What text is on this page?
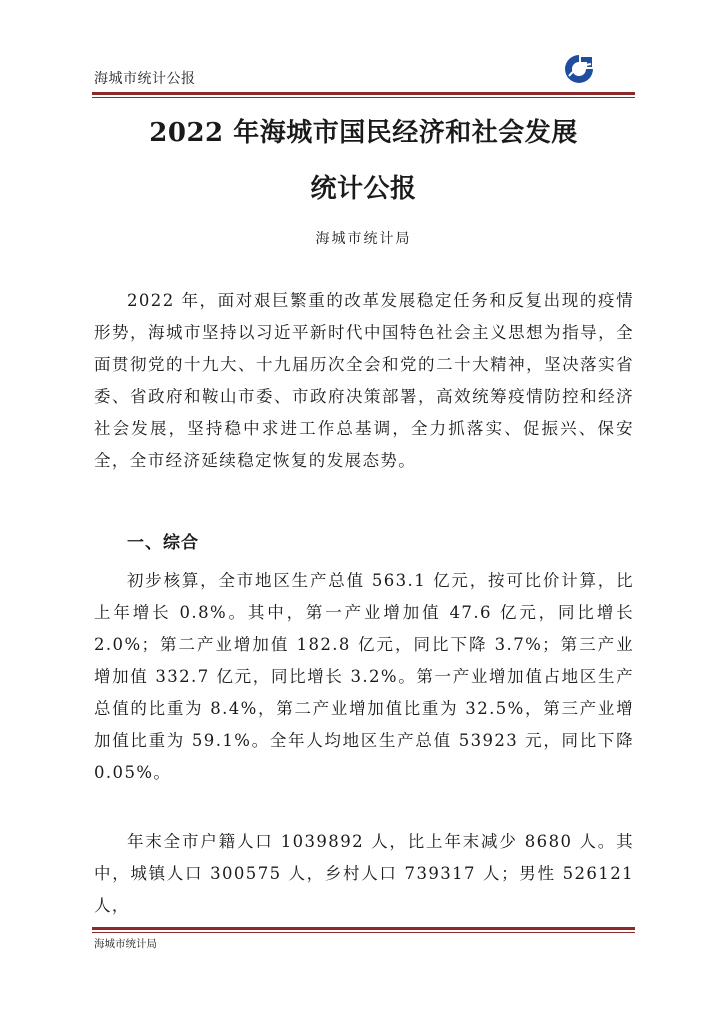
海城市统计公报
2022 年海城市国民经济和社会发展
统计公报
海城市统计局

2022 年，面对艰巨繁重的改革发展稳定任务和反复出现的疫情形势，海城市坚持以习近平新时代中国特色社会主义思想为指导，全面贯彻党的十九大、十九届历次全会和党的二十大精神，坚决落实省委、省政府和鞍山市委、市政府决策部署，高效统筹疫情防控和经济社会发展，坚持稳中求进工作总基调，全力抓落实、促振兴、保安全，全市经济延续稳定恢复的发展态势。

一、综合

初步核算，全市地区生产总值 563.1 亿元，按可比价计算，比上年增长 0.8%。其中，第一产业增加值 47.6 亿元，同比增长 2.0%；第二产业增加值 182.8 亿元，同比下降 3.7%；第三产业增加值 332.7 亿元，同比增长 3.2%。第一产业增加值占地区生产总值的比重为 8.4%，第二产业增加值比重为 32.5%，第三产业增加值比重为 59.1%。全年人均地区生产总值 53923 元，同比下降 0.05%。

年末全市户籍人口 1039892 人，比上年末减少 8680 人。其中，城镇人口 300575 人，乡村人口 739317 人；男性 526121 人，

海城市统计局
